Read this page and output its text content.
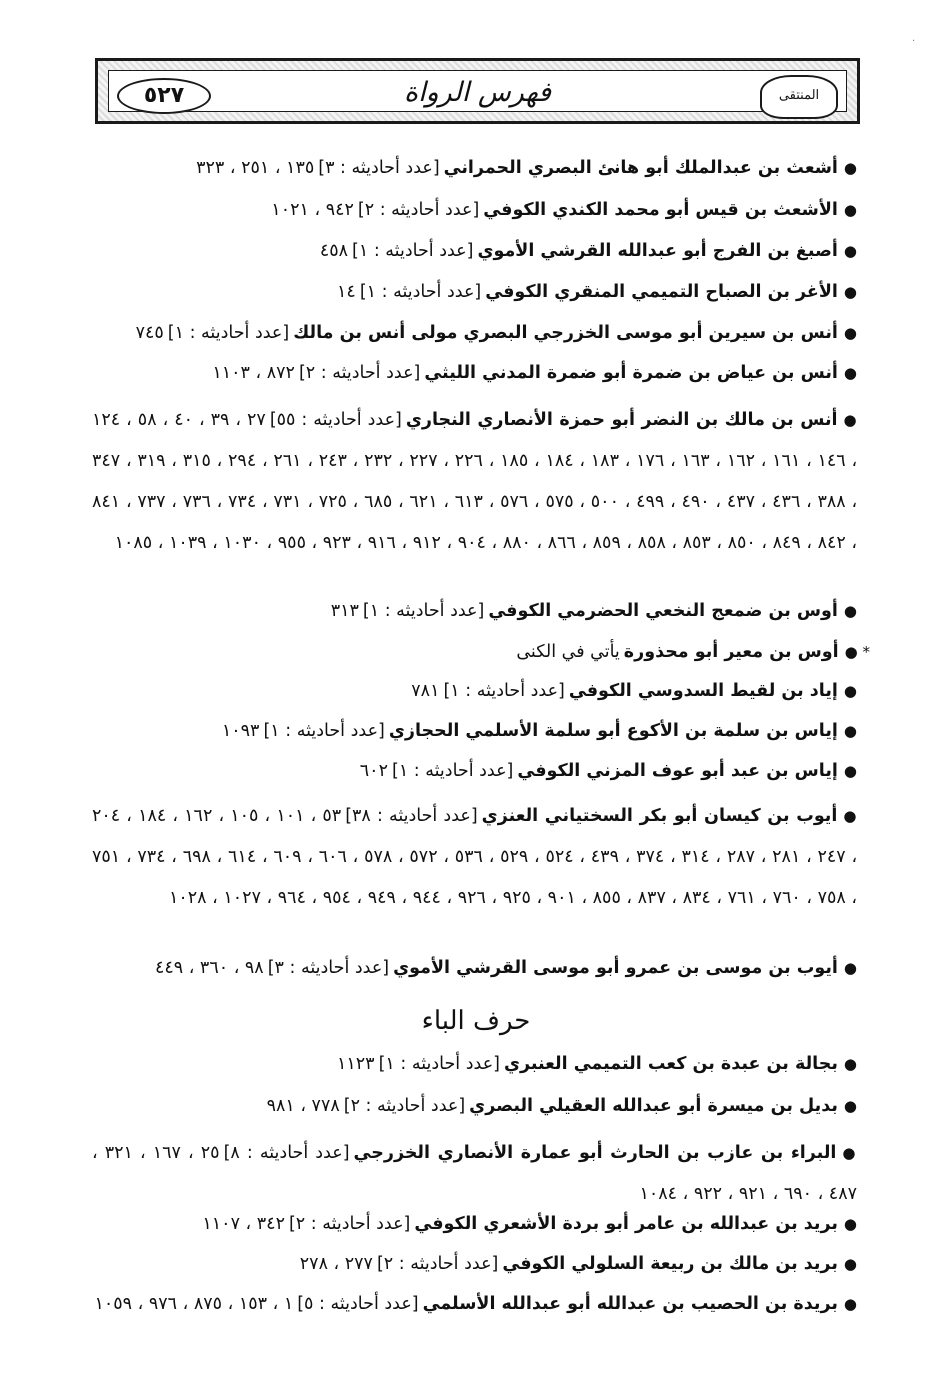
·
٥٢٧	فهرس الرواة	المنتقى
●أشعث بن عبدالملك أبو هانئ البصري الحمراني[عدد أحاديثه : ٣]١٣٥ ، ٢٥١ ، ٣٢٣
●الأشعث بن قيس أبو محمد الكندي الكوفي[عدد أحاديثه : ٢]٩٤٢ ، ١٠٢١
●أصبغ بن الفرج أبو عبدالله القرشي الأموي[عدد أحاديثه : ١]٤٥٨
●الأغر بن الصباح التميمي المنقري الكوفي[عدد أحاديثه : ١]١٤
●أنس بن سيرين أبو موسى الخزرجي البصري مولى أنس بن مالك[عدد أحاديثه : ١]٧٤٥
●أنس بن عياض بن ضمرة أبو ضمرة المدني الليثي[عدد أحاديثه : ٢]٨٧٢ ، ١١٠٣
●أنس بن مالك بن النضر أبو حمزة الأنصاري النجاري[عدد أحاديثه : ٥٥]٢٧ ، ٣٩ ، ٤٠ ، ٥٨ ، ١٢٤ ، ١٤٦ ، ١٦١ ، ١٦٢ ، ١٦٣ ، ١٧٦ ، ١٨٣ ، ١٨٤ ، ١٨٥ ، ٢٢٦ ، ٢٢٧ ، ٢٣٢ ، ٢٤٣ ، ٢٦١ ، ٢٩٤ ، ٣١٥ ، ٣١٩ ، ٣٤٧ ، ٣٨٨ ، ٤٣٦ ، ٤٣٧ ، ٤٩٠ ، ٤٩٩ ، ٥٠٠ ، ٥٧٥ ، ٥٧٦ ، ٦١٣ ، ٦٢١ ، ٦٨٥ ، ٧٢٥ ، ٧٣١ ، ٧٣٤ ، ٧٣٦ ، ٧٣٧ ، ٨٤١ ، ٨٤٢ ، ٨٤٩ ، ٨٥٠ ، ٨٥٣ ، ٨٥٨ ، ٨٥٩ ، ٨٦٦ ، ٨٨٠ ، ٩٠٤ ، ٩١٢ ، ٩١٦ ، ٩٢٣ ، ٩٥٥ ، ١٠٣٠ ، ١٠٣٩ ، ١٠٨٥
●أوس بن ضمعج النخعي الحضرمي الكوفي[عدد أحاديثه : ١]٣١٣
* ●أوس بن معير أبو محذورةيأتي في الكنى
●إياد بن لقيط السدوسي الكوفي[عدد أحاديثه : ١]٧٨١
●إياس بن سلمة بن الأكوع أبو سلمة الأسلمي الحجازي[عدد أحاديثه : ١]١٠٩٣
●إياس بن عبد أبو عوف المزني الكوفي[عدد أحاديثه : ١]٦٠٢
●أيوب بن كيسان أبو بكر السختياني العنزي[عدد أحاديثه : ٣٨]٥٣ ، ١٠١ ، ١٠٥ ، ١٦٢ ، ١٨٤ ، ٢٠٤ ، ٢٤٧ ، ٢٨١ ، ٢٨٧ ، ٣١٤ ، ٣٧٤ ، ٤٣٩ ، ٥٢٤ ، ٥٢٩ ، ٥٣٦ ، ٥٧٢ ، ٥٧٨ ، ٦٠٦ ، ٦٠٩ ، ٦١٤ ، ٦٩٨ ، ٧٣٤ ، ٧٥١ ، ٧٥٨ ، ٧٦٠ ، ٧٦١ ، ٨٣٤ ، ٨٣٧ ، ٨٥٥ ، ٩٠١ ، ٩٢٥ ، ٩٢٦ ، ٩٤٤ ، ٩٤٩ ، ٩٥٤ ، ٩٦٤ ، ١٠٢٧ ، ١٠٢٨
●أيوب بن موسى بن عمرو أبو موسى القرشي الأموي[عدد أحاديثه : ٣]٩٨ ، ٣٦٠ ، ٤٤٩
حرف الباء
●بجالة بن عبدة بن كعب التميمي العنبري[عدد أحاديثه : ١]١١٢٣
●بديل بن ميسرة أبو عبدالله العقيلي البصري[عدد أحاديثه : ٢]٧٧٨ ، ٩٨١
●البراء بن عازب بن الحارث أبو عمارة الأنصاري الخزرجي[عدد أحاديثه : ٨]٢٥ ، ١٦٧ ، ٣٢١ ، ٤٨٧ ، ٦٩٠ ، ٩٢١ ، ٩٢٢ ، ١٠٨٤
●بريد بن عبدالله بن عامر أبو بردة الأشعري الكوفي[عدد أحاديثه : ٢]٣٤٢ ، ١١٠٧
●بريد بن مالك بن ربيعة السلولي الكوفي[عدد أحاديثه : ٢]٢٧٧ ، ٢٧٨
●بريدة بن الحصيب بن عبدالله أبو عبدالله الأسلمي[عدد أحاديثه : ٥]١ ، ١٥٣ ، ٨٧٥ ، ٩٧٦ ، ١٠٥٩
